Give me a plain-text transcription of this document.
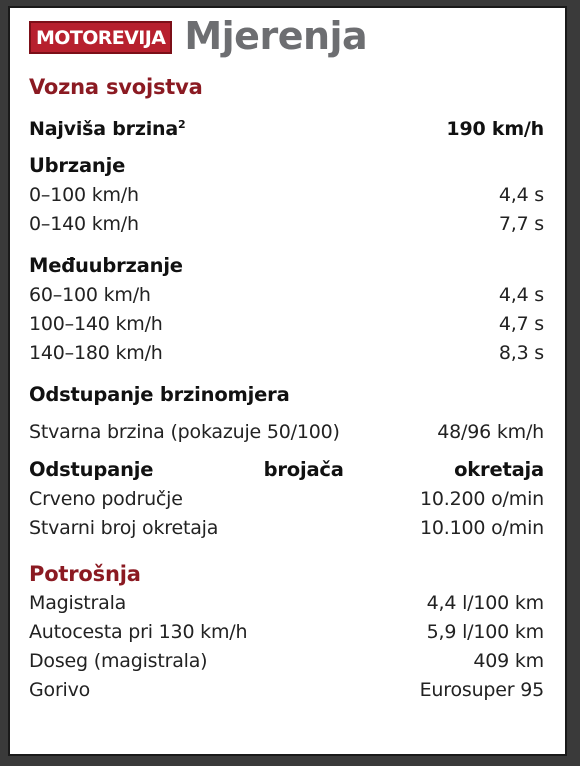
MOTOREVIJA Mjerenja
Vozna svojstva
Najviša brzina$^2$	190 km/h
Ubrzanje
0–100 km/h	4,4 s
0–140 km/h	7,7 s
Međuubrzanje
60–100 km/h	4,4 s
100–140 km/h	4,7 s
140–180 km/h	8,3 s
Odstupanje brzinomjera
Stvarna brzina (pokazuje 50/100)	48/96 km/h
Odstupanje	brojača	okretaja
Crveno područje	10.200 o/min
Stvarni broj okretaja	10.100 o/min
Potrošnja
Magistrala	4,4 l/100 km
Autocesta pri 130 km/h	5,9 l/100 km
Doseg (magistrala)	409 km
Gorivo	Eurosuper 95
